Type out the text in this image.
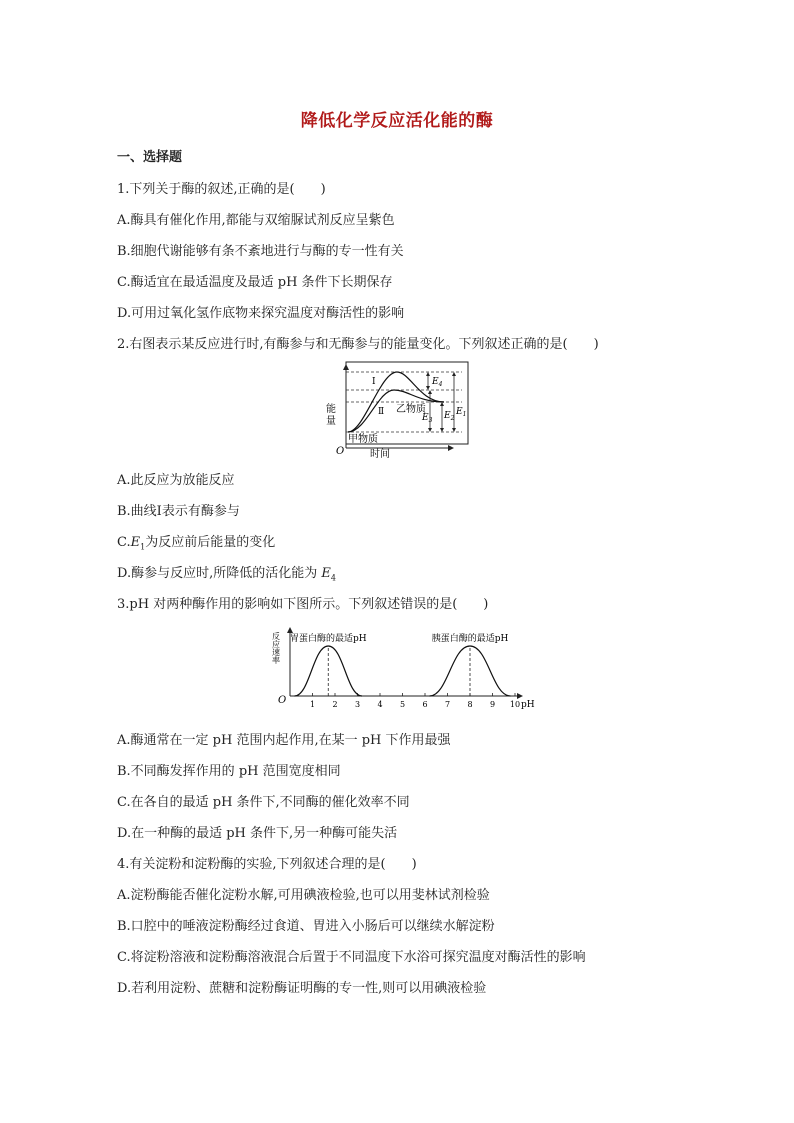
降低化学反应活化能的酶
一、选择题
1.下列关于酶的叙述,正确的是(　　)
A.酶具有催化作用,都能与双缩脲试剂反应呈紫色
B.细胞代谢能够有条不紊地进行与酶的专一性有关
C.酶适宜在最适温度及最适 pH 条件下长期保存
D.可用过氧化氢作底物来探究温度对酶活性的影响
2.右图表示某反应进行时,有酶参与和无酶参与的能量变化。下列叙述正确的是(　　)
Ⅰ
Ⅱ 乙物质
甲物质
$E_4$
$E_3$ $E_2$
$E_1$
能
量
O	时间
A.此反应为放能反应
B.曲线Ⅰ表示有酶参与
$C.E_1$为反应前后能量的变化
D.酶参与反应时,所降低的活化能为 $E_4$
3.pH 对两种酶作用的影响如下图所示。下列叙述错误的是(　　)
反应速率
O	1 2 3 4 5 6 7 8 9 10 pH
胃蛋白酶的最适pH	胰蛋白酶的最适pH
A.酶通常在一定 pH 范围内起作用,在某一 pH 下作用最强
B.不同酶发挥作用的 pH 范围宽度相同
C.在各自的最适 pH 条件下,不同酶的催化效率不同
D.在一种酶的最适 pH 条件下,另一种酶可能失活
4.有关淀粉和淀粉酶的实验,下列叙述合理的是(　　)
A.淀粉酶能否催化淀粉水解,可用碘液检验,也可以用斐林试剂检验
B.口腔中的唾液淀粉酶经过食道、胃进入小肠后可以继续水解淀粉
C.将淀粉溶液和淀粉酶溶液混合后置于不同温度下水浴可探究温度对酶活性的影响
D.若利用淀粉、蔗糖和淀粉酶证明酶的专一性,则可以用碘液检验
